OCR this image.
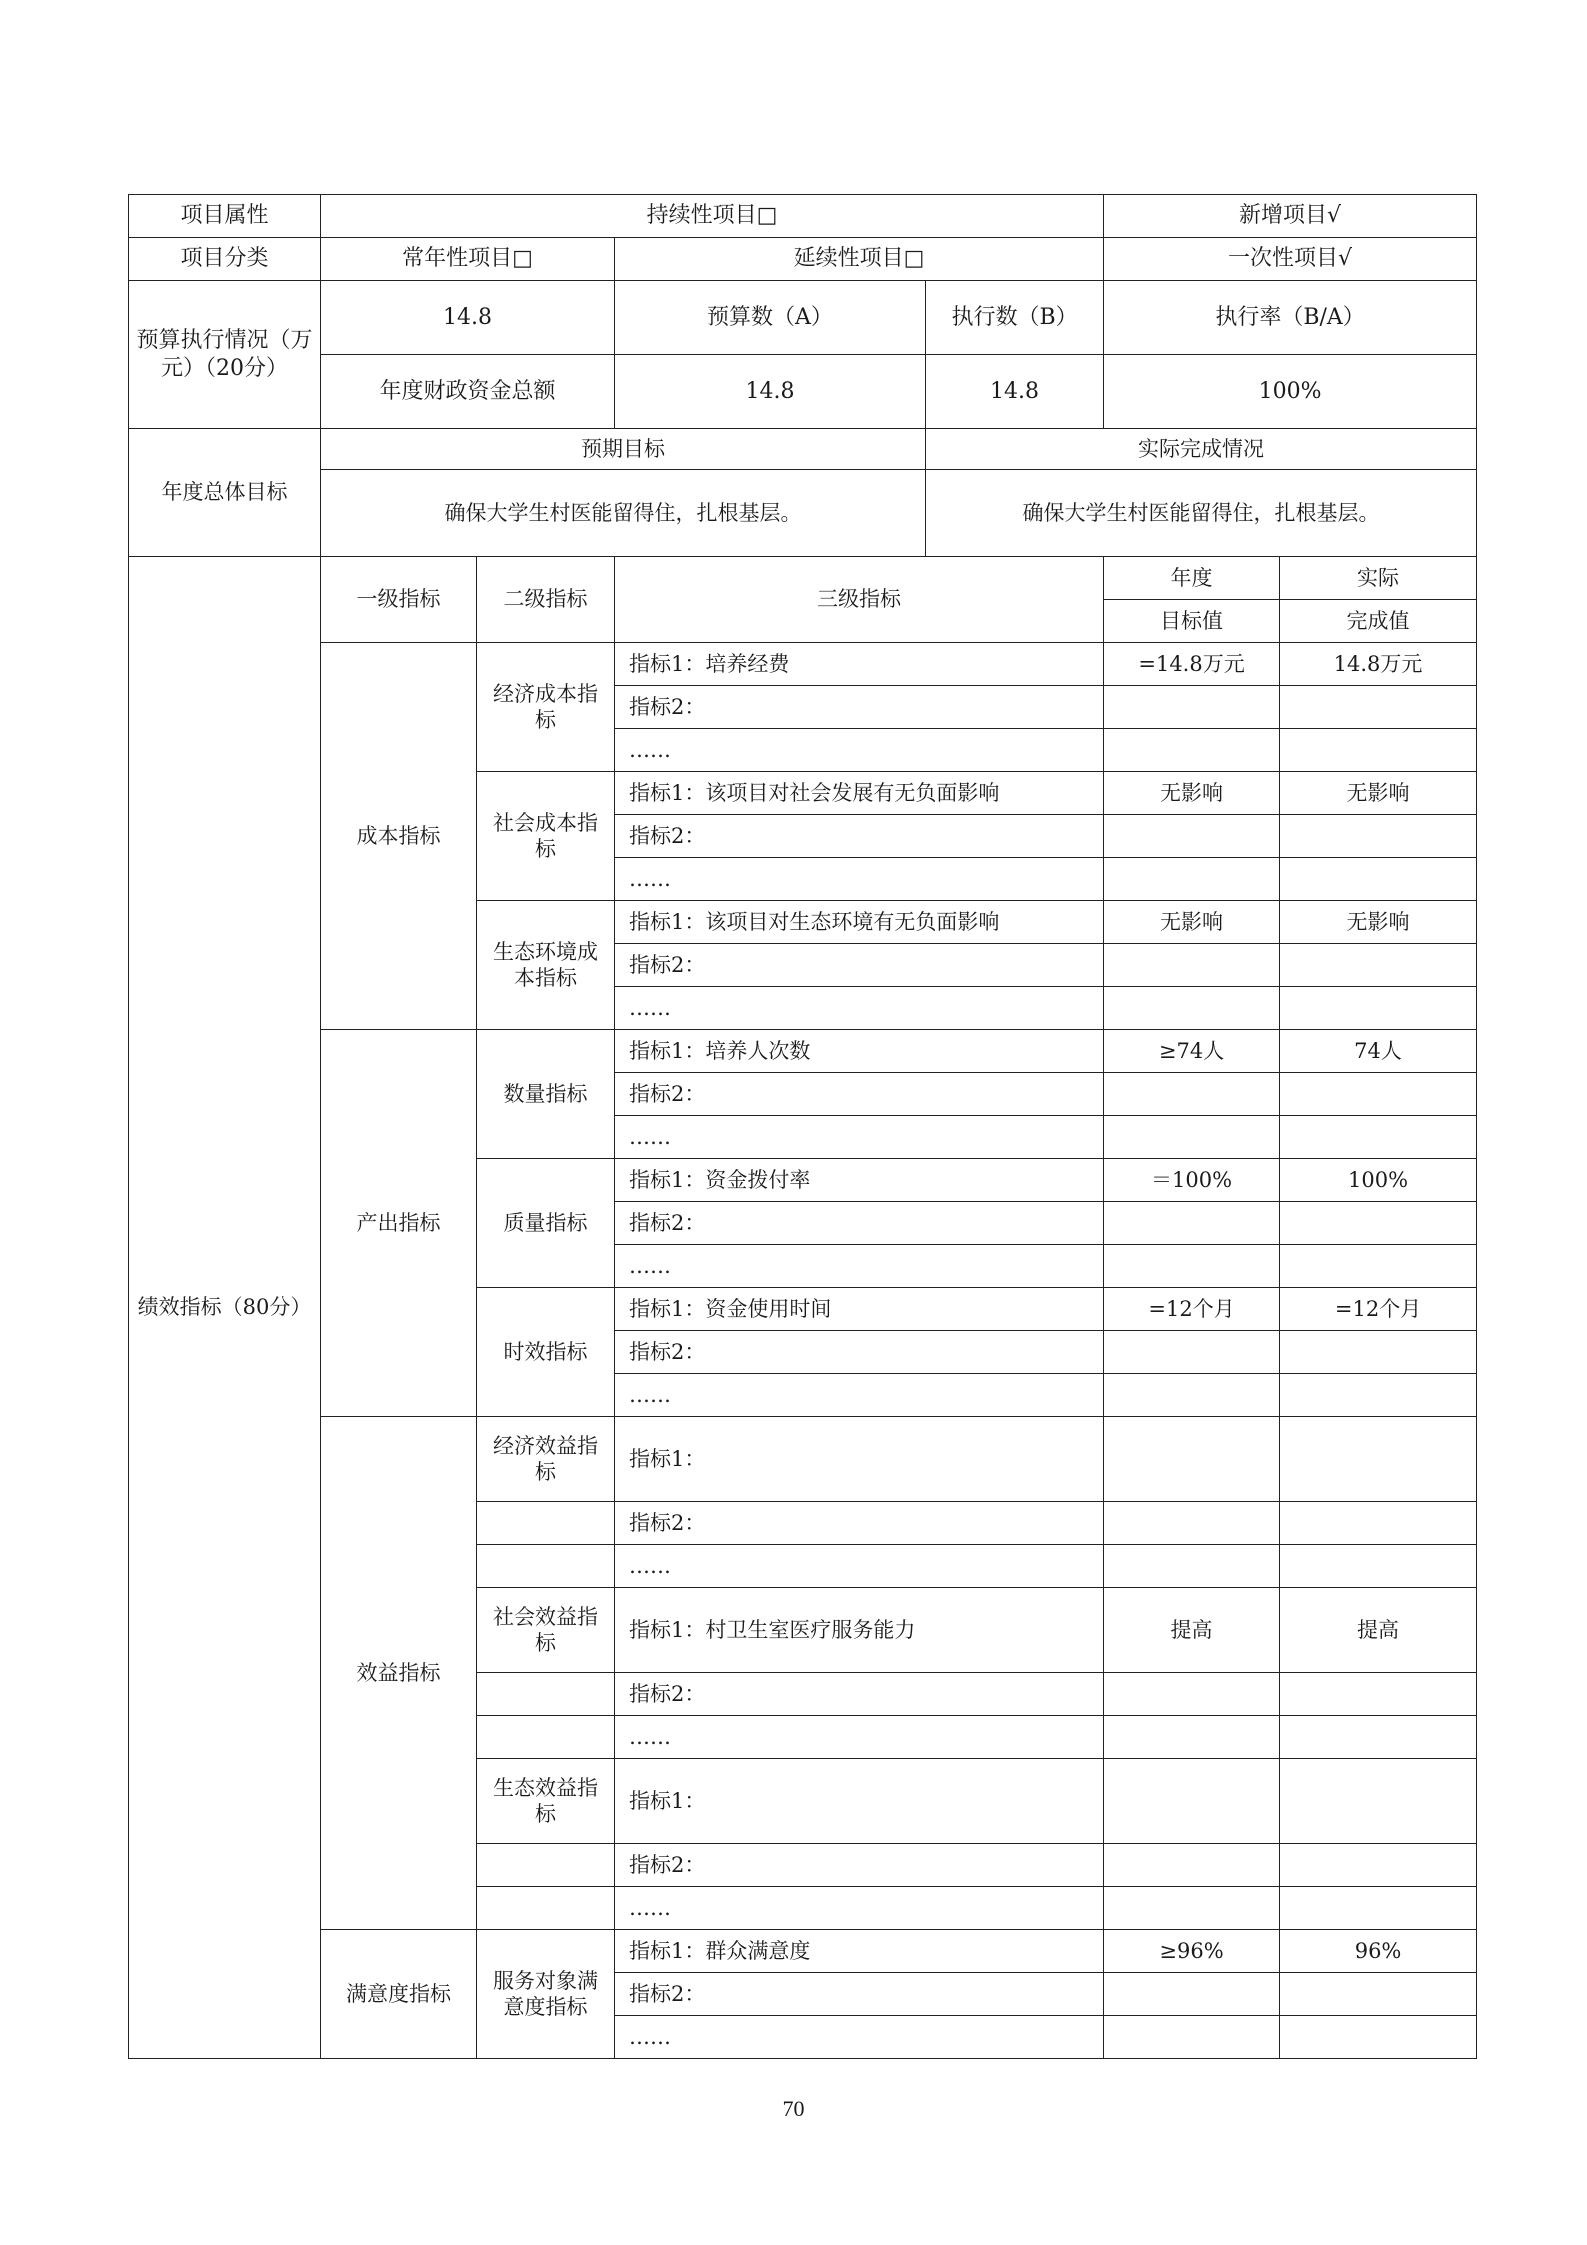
项目属性	持续性项目□				新增项目√	
项目分类	常年性项目□		延续性项目□		一次性项目√	
预算执行情况（万元）（20分）	14.8		预算数（A）	执行数（B）	执行率（B/A）	
	年度财政资金总额		14.8	14.8	100%	
年度总体目标	预期目标			实际完成情况		
	确保大学生村医能留得住，扎根基层。			确保大学生村医能留得住，扎根基层。		
绩效指标（80分）	一级指标	二级指标	三级指标		年度	实际
					目标值	完成值
	成本指标	经济成本指标	指标1：培养经费		=14.8万元	14.8万元
			指标2：			
			……			
		社会成本指标	指标1：该项目对社会发展有无负面影响		无影响	无影响
			指标2：			
			……			
		生态环境成本指标	指标1：该项目对生态环境有无负面影响		无影响	无影响
			指标2：			
			……			
	产出指标	数量指标	指标1：培养人次数		≥74人	74人
			指标2：			
			……			
		质量指标	指标1：资金拨付率		＝100%	100%
			指标2：			
			……			
		时效指标	指标1：资金使用时间		=12个月	=12个月
			指标2：			
			……			
	效益指标	经济效益指标	指标1：			
			指标2：			
			……			
		社会效益指标	指标1：村卫生室医疗服务能力		提高	提高
			指标2：			
			……			
		生态效益指标	指标1：			
			指标2：			
			……			
	满意度指标	服务对象满意度指标	指标1：群众满意度		≥96%	96%
			指标2：			
			……			
70
